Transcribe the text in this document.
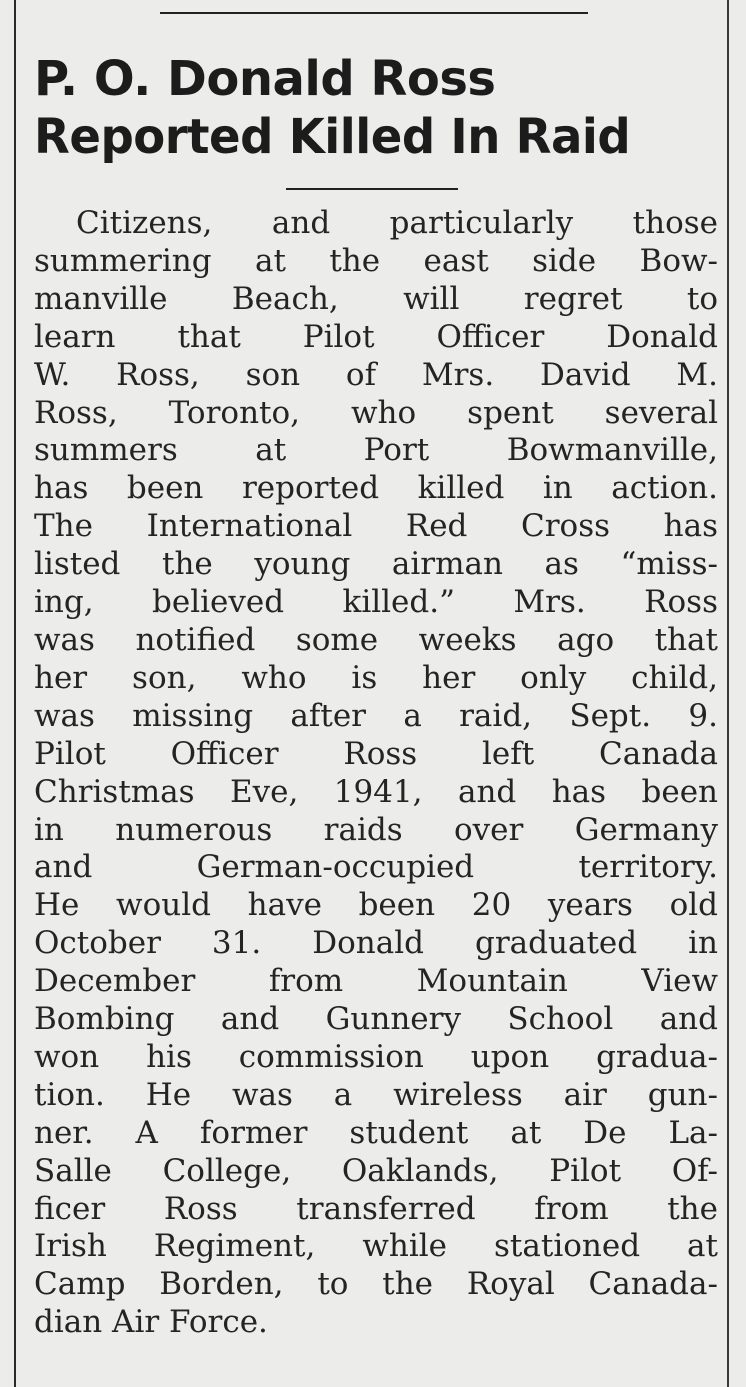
P. O. Donald Ross
Reported Killed In Raid
Citizens, and particularly those
summering at the east side Bow-
manville Beach, will regret to
learn that Pilot Officer Donald
W. Ross, son of Mrs. David M.
Ross, Toronto, who spent several
summers at Port Bowmanville,
has been reported killed in action.
The International Red Cross has
listed the young airman as “miss-
ing, believed killed.” Mrs. Ross
was notified some weeks ago that
her son, who is her only child,
was missing after a raid, Sept. 9.
Pilot Officer Ross left Canada
Christmas Eve, 1941, and has been
in numerous raids over Germany
and German-occupied territory.
He would have been 20 years old
October 31. Donald graduated in
December from Mountain View
Bombing and Gunnery School and
won his commission upon gradua-
tion. He was a wireless air gun-
ner. A former student at De La-
Salle College, Oaklands, Pilot Of-
ficer Ross transferred from the
Irish Regiment, while stationed at
Camp Borden, to the Royal Canada-
dian Air Force.
